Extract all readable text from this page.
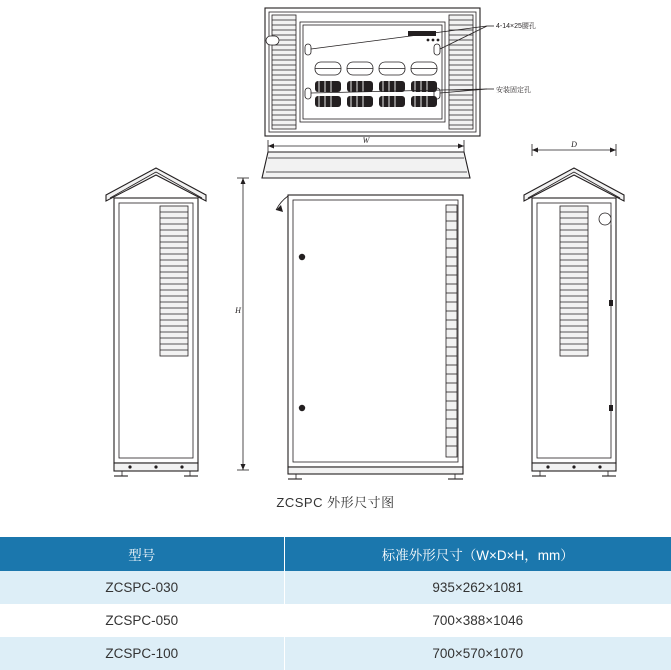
W
H
D
4-14×25腰孔
安装固定孔
ZCSPC 外形尺寸图
型号	标准外形尺寸（W×D×H，mm）
ZCSPC-030	935×262×1081
ZCSPC-050	700×388×1046
ZCSPC-100	700×570×1070
